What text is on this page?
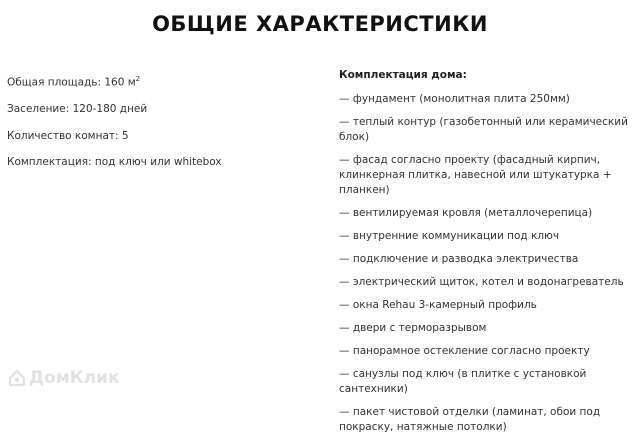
ОБЩИЕ ХАРАКТЕРИСТИКИ
Общая площадь: 160 $м^2$
Заселение: 120-180 дней
Количество комнат: 5
Комплектация: под ключ или whitebox
Комплектация дома:
— фундамент (монолитная плита 250мм)
— теплый контур (газобетонный или керамический блок)
— фасад согласно проекту (фасадный кирпич, клинкерная плитка, навесной или штукатурка + планкен)
— вентилируемая кровля (металлочерепица)
— внутренние коммуникации под ключ
— подключение и разводка электричества
— электрический щиток, котел и водонагреватель
— окна Rehau 3-камерный профиль
— двери с терморазрывом
— панорамное остекление согласно проекту
— санузлы под ключ (в плитке с установкой сантехники)
— пакет чистовой отделки (ламинат, обои под покраску, натяжные потолки)
ДомКлик
